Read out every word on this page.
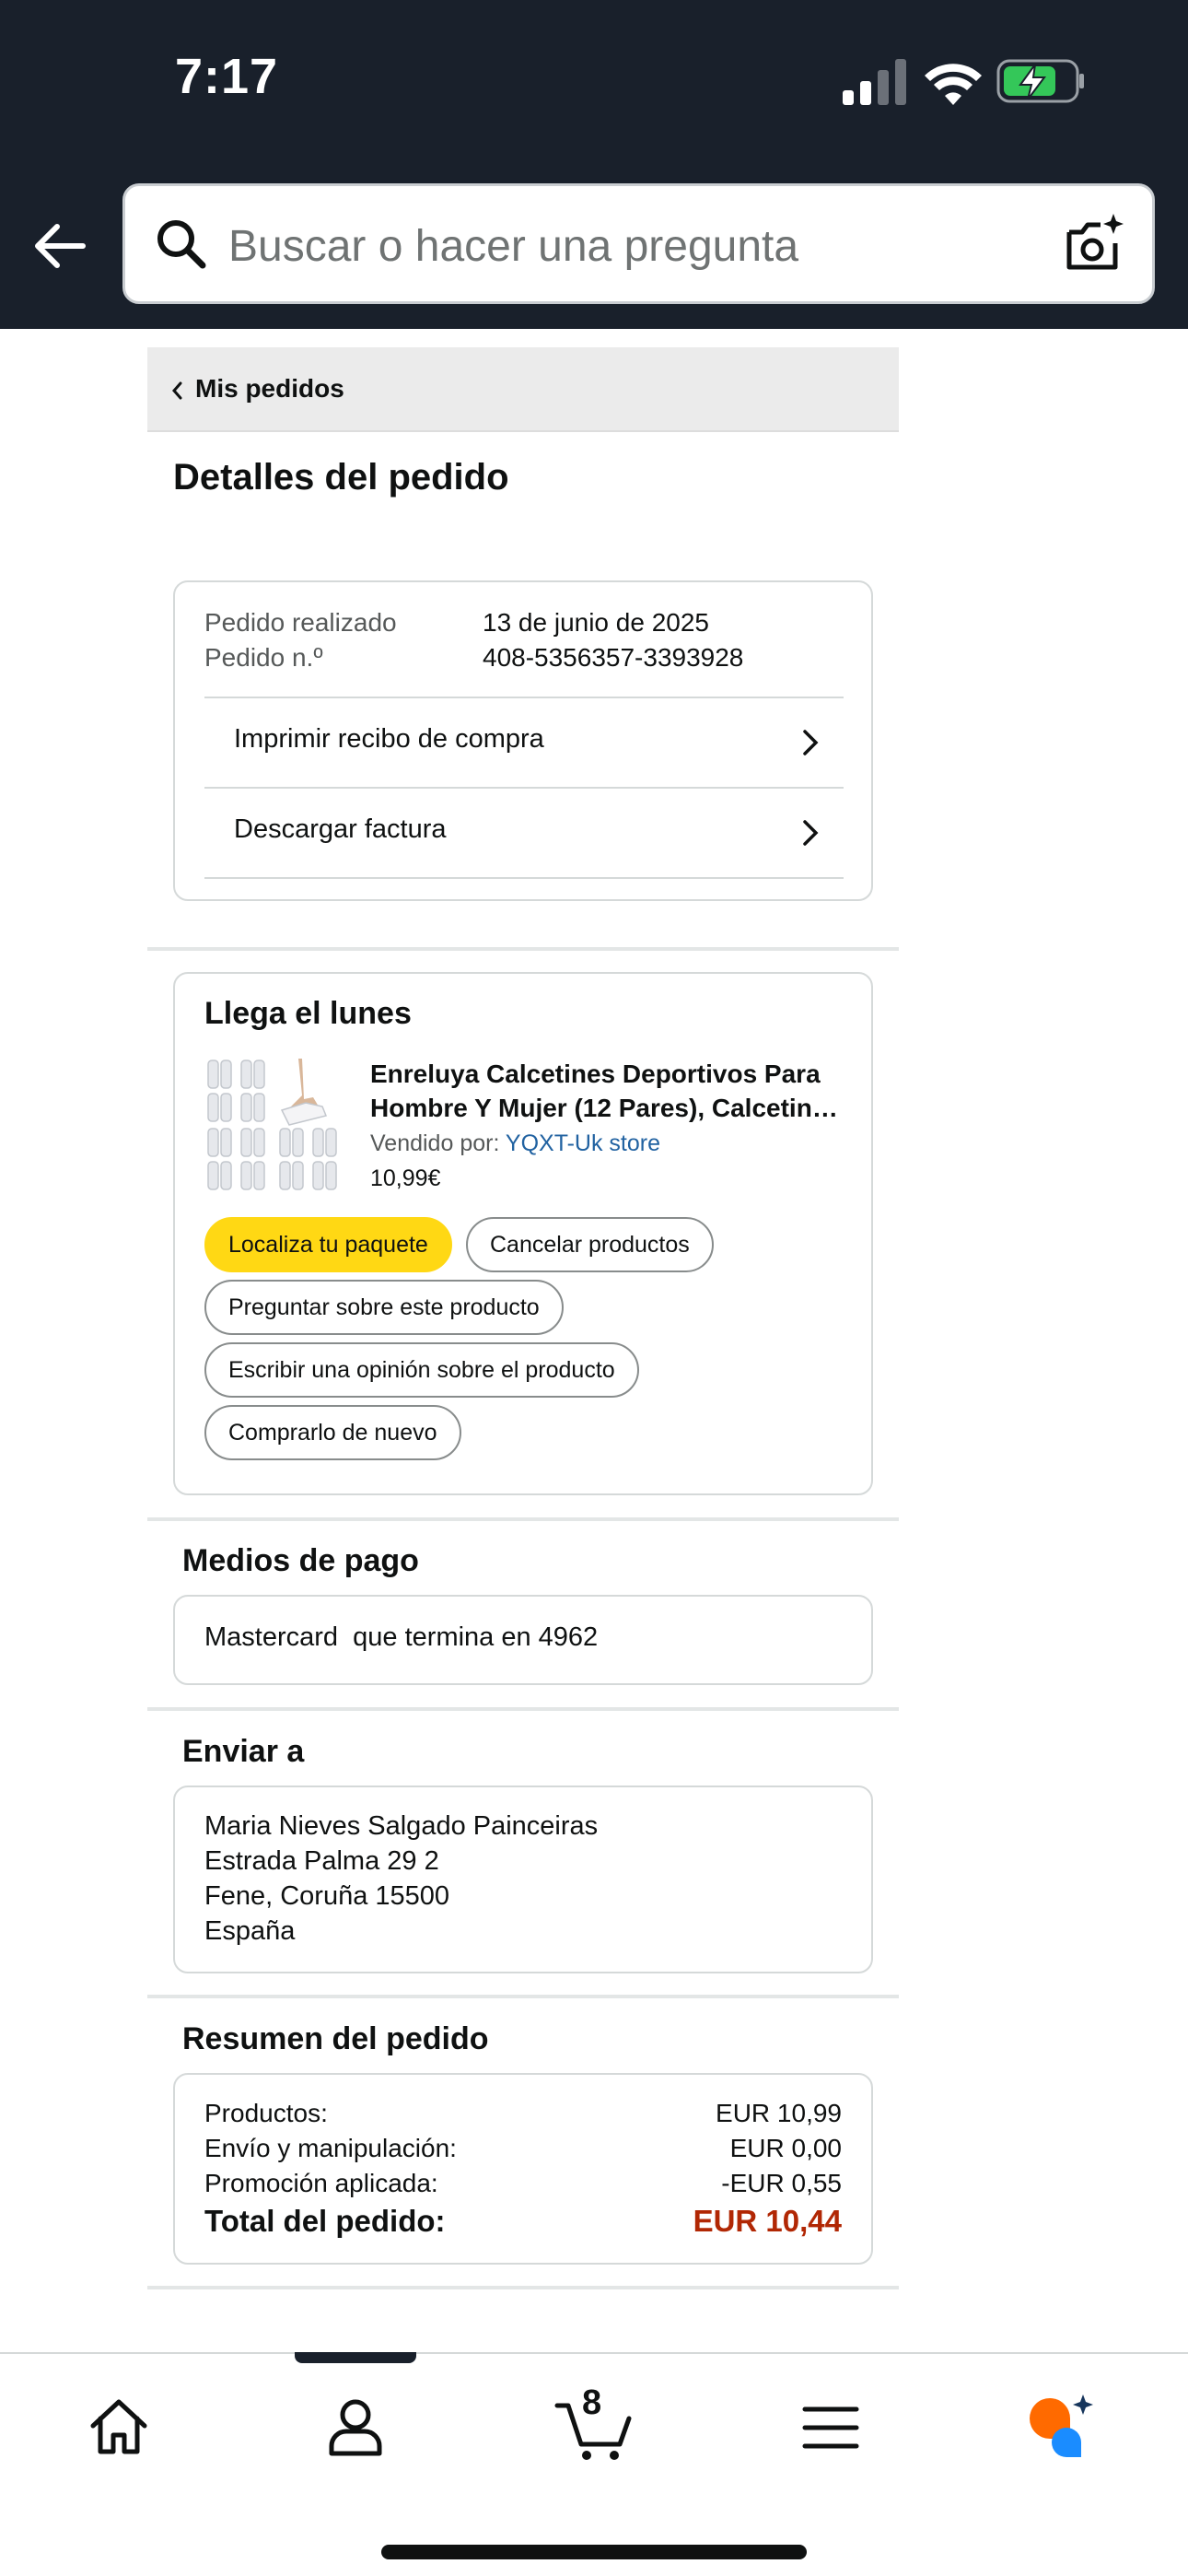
7:17
Buscar o hacer una pregunta
Mis pedidos
Detalles del pedido
Pedido realizado	13 de junio de 2025
Pedido n.º	408-5356357-3393928
Imprimir recibo de compra
Descargar factura
Llega el lunes
Enreluya Calcetines Deportivos Para Hombre Y Mujer (12 Pares), Calcetines
Vendido por: YQXT-Uk store
10,99€
Localiza tu paquete	Cancelar productos
Preguntar sobre este producto
Escribir una opinión sobre el producto
Comprarlo de nuevo
Medios de pago
Mastercard  que termina en 4962
Enviar a
Maria Nieves Salgado Painceiras
Estrada Palma 29 2
Fene, Coruña 15500
España
Resumen del pedido
Productos:	EUR 10,99
Envío y manipulación:	EUR 0,00
Promoción aplicada:	-EUR 0,55
Total del pedido:	EUR 10,44
8
